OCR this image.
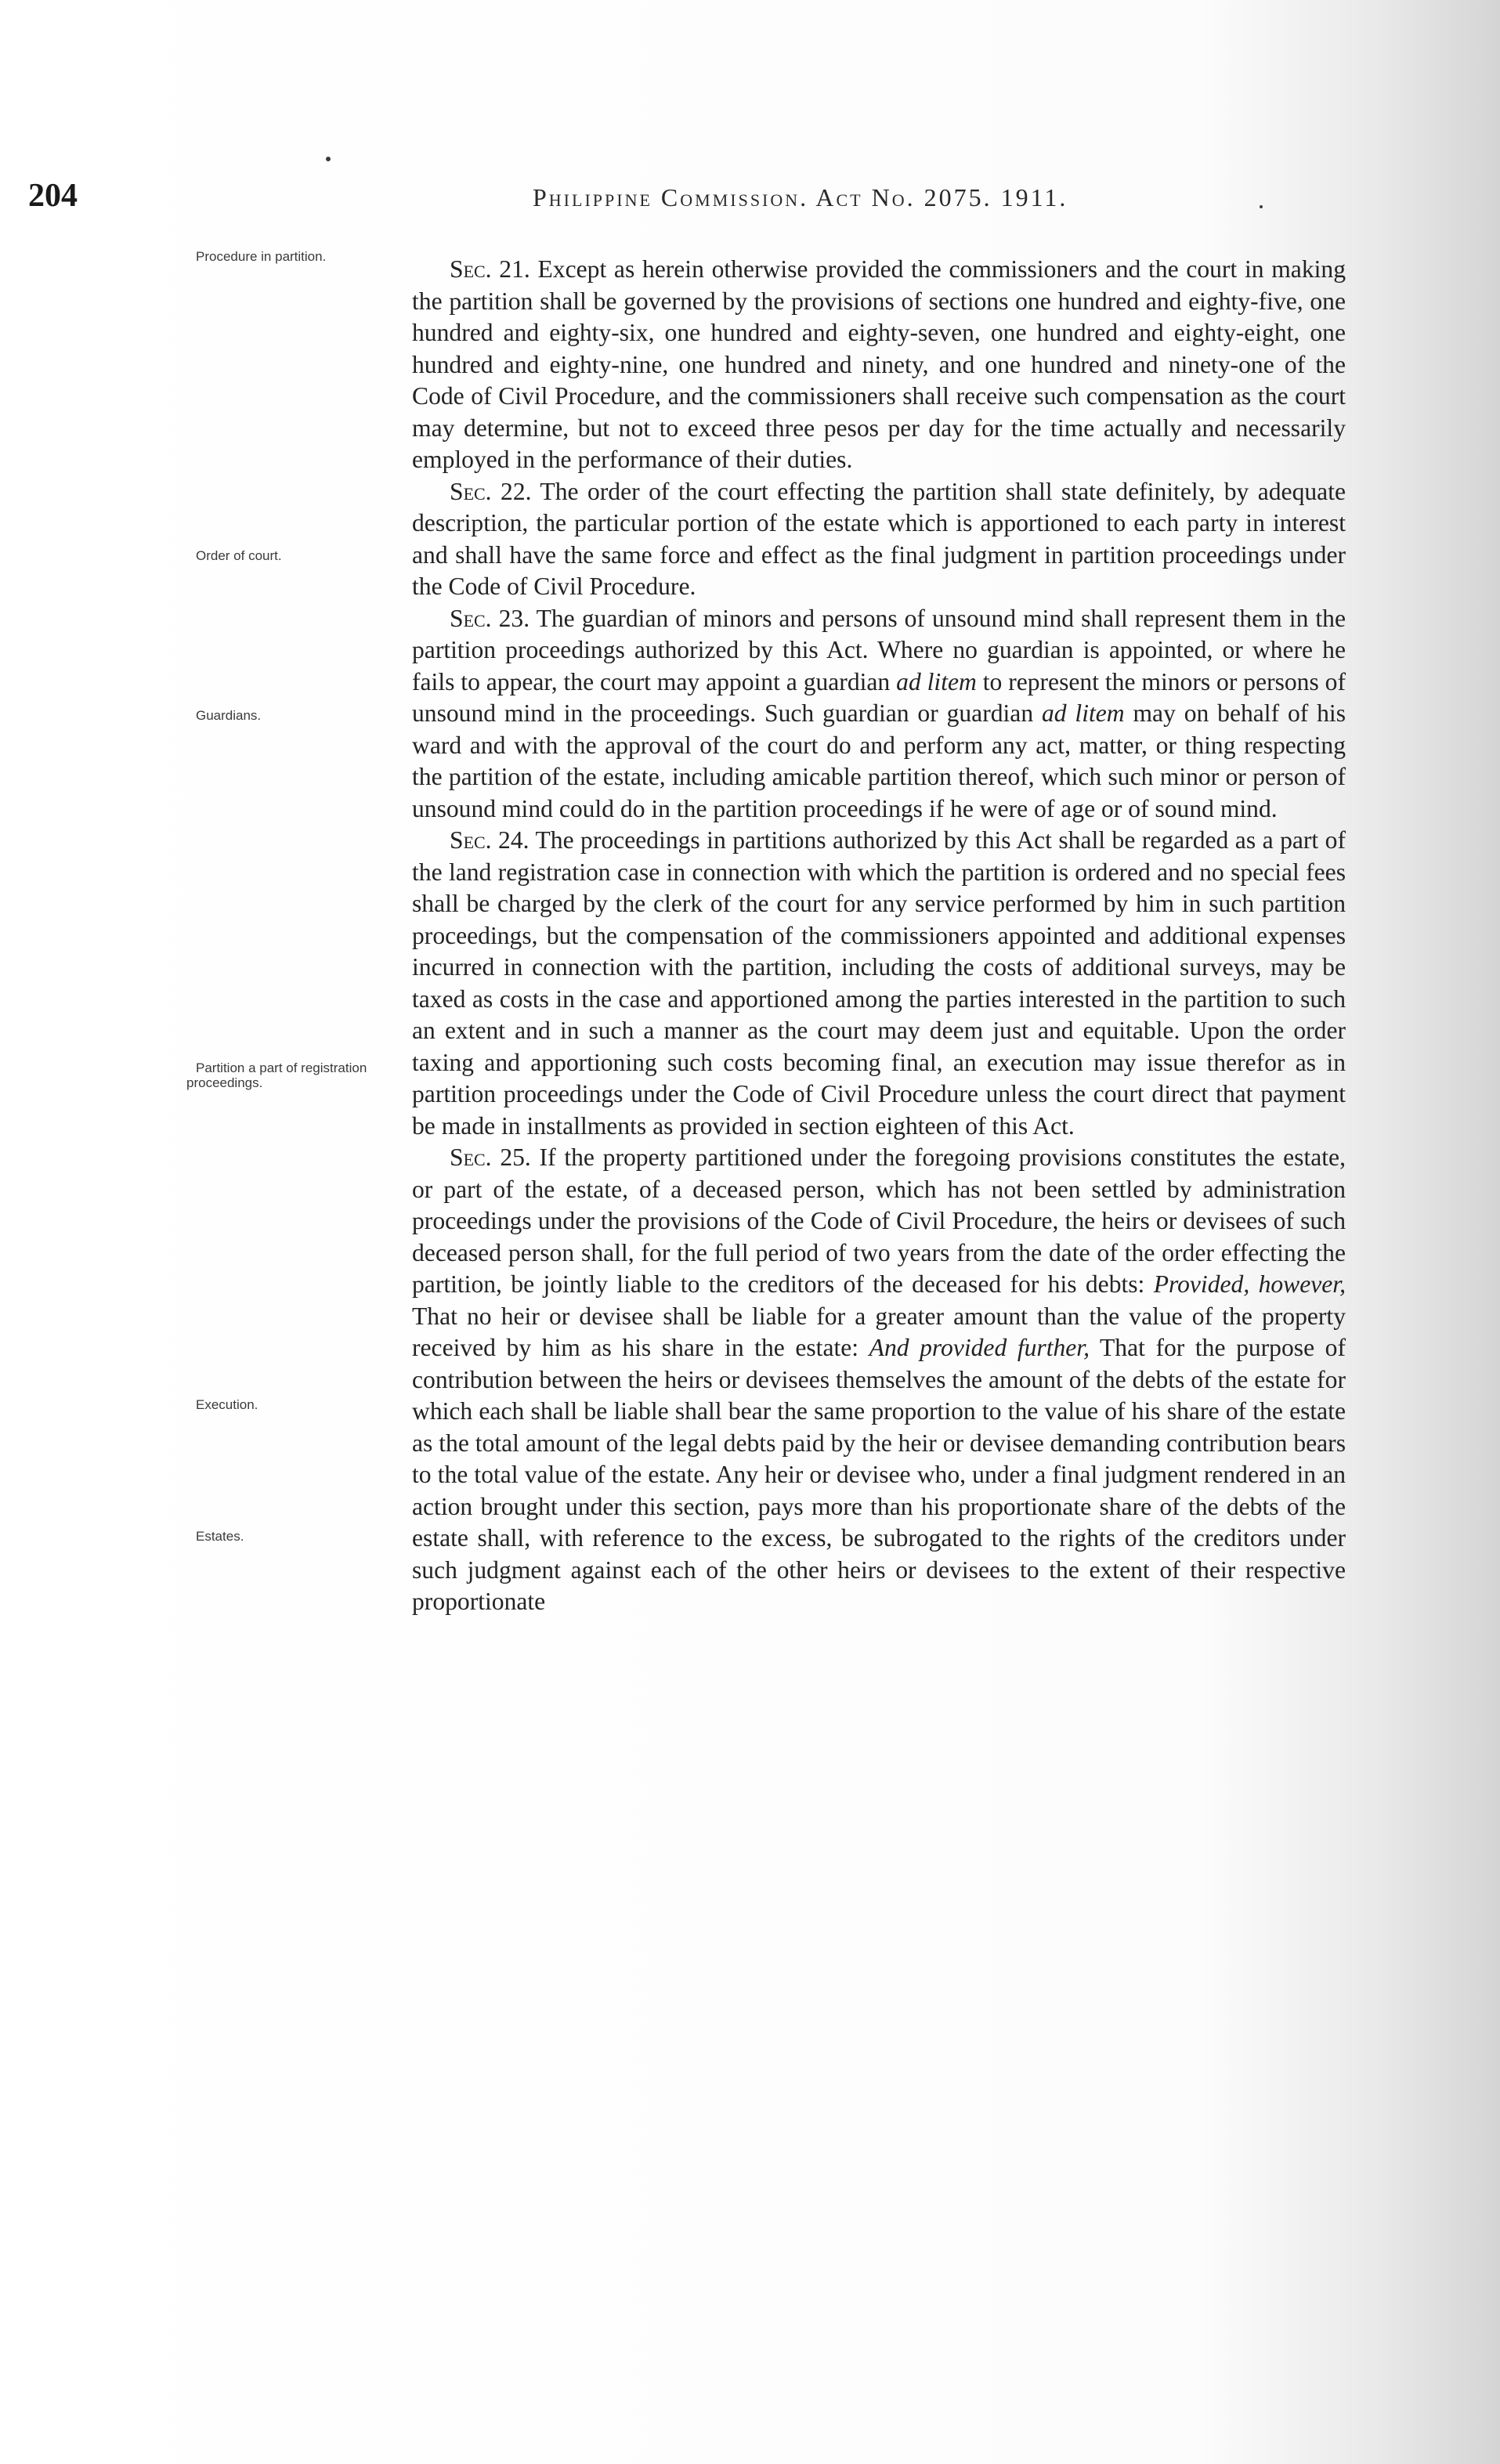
204	Philippine Commission. Act No. 2075. 1911.
Procedure in partition.
Order of court.
Guardians.
Partition a part of registration proceedings.
Execution.
Estates.

Sec. 21. Except as herein otherwise provided the commissioners and the court in making the partition shall be governed by the provisions of sections one hundred and eighty-five, one hundred and eighty-six, one hundred and eighty-seven, one hundred and eighty-eight, one hundred and eighty-nine, one hundred and ninety, and one hundred and ninety-one of the Code of Civil Procedure, and the commissioners shall receive such compensation as the court may determine, but not to exceed three pesos per day for the time actually and necessarily employed in the performance of their duties.

Sec. 22. The order of the court effecting the partition shall state definitely, by adequate description, the particular portion of the estate which is apportioned to each party in interest and shall have the same force and effect as the final judgment in partition proceedings under the Code of Civil Procedure.

Sec. 23. The guardian of minors and persons of unsound mind shall represent them in the partition proceedings authorized by this Act. Where no guardian is appointed, or where he fails to appear, the court may appoint a guardian ad litem to represent the minors or persons of unsound mind in the proceedings. Such guardian or guardian ad litem may on behalf of his ward and with the approval of the court do and perform any act, matter, or thing respecting the partition of the estate, including amicable partition thereof, which such minor or person of unsound mind could do in the partition proceedings if he were of age or of sound mind.

Sec. 24. The proceedings in partitions authorized by this Act shall be regarded as a part of the land registration case in connection with which the partition is ordered and no special fees shall be charged by the clerk of the court for any service performed by him in such partition proceedings, but the compensation of the commissioners appointed and additional expenses incurred in connection with the partition, including the costs of additional surveys, may be taxed as costs in the case and apportioned among the parties interested in the partition to such an extent and in such a manner as the court may deem just and equitable. Upon the order taxing and apportioning such costs becoming final, an execution may issue therefor as in partition proceedings under the Code of Civil Procedure unless the court direct that payment be made in installments as provided in section eighteen of this Act.

Sec. 25. If the property partitioned under the foregoing provisions constitutes the estate, or part of the estate, of a deceased person, which has not been settled by administration proceedings under the provisions of the Code of Civil Procedure, the heirs or devisees of such deceased person shall, for the full period of two years from the date of the order effecting the partition, be jointly liable to the creditors of the deceased for his debts: Provided, however, That no heir or devisee shall be liable for a greater amount than the value of the property received by him as his share in the estate: And provided further, That for the purpose of contribution between the heirs or devisees themselves the amount of the debts of the estate for which each shall be liable shall bear the same proportion to the value of his share of the estate as the total amount of the legal debts paid by the heir or devisee demanding contribution bears to the total value of the estate. Any heir or devisee who, under a final judgment rendered in an action brought under this section, pays more than his proportionate share of the debts of the estate shall, with reference to the excess, be subrogated to the rights of the creditors under such judgment against each of the other heirs or devisees to the extent of their respective proportionate
